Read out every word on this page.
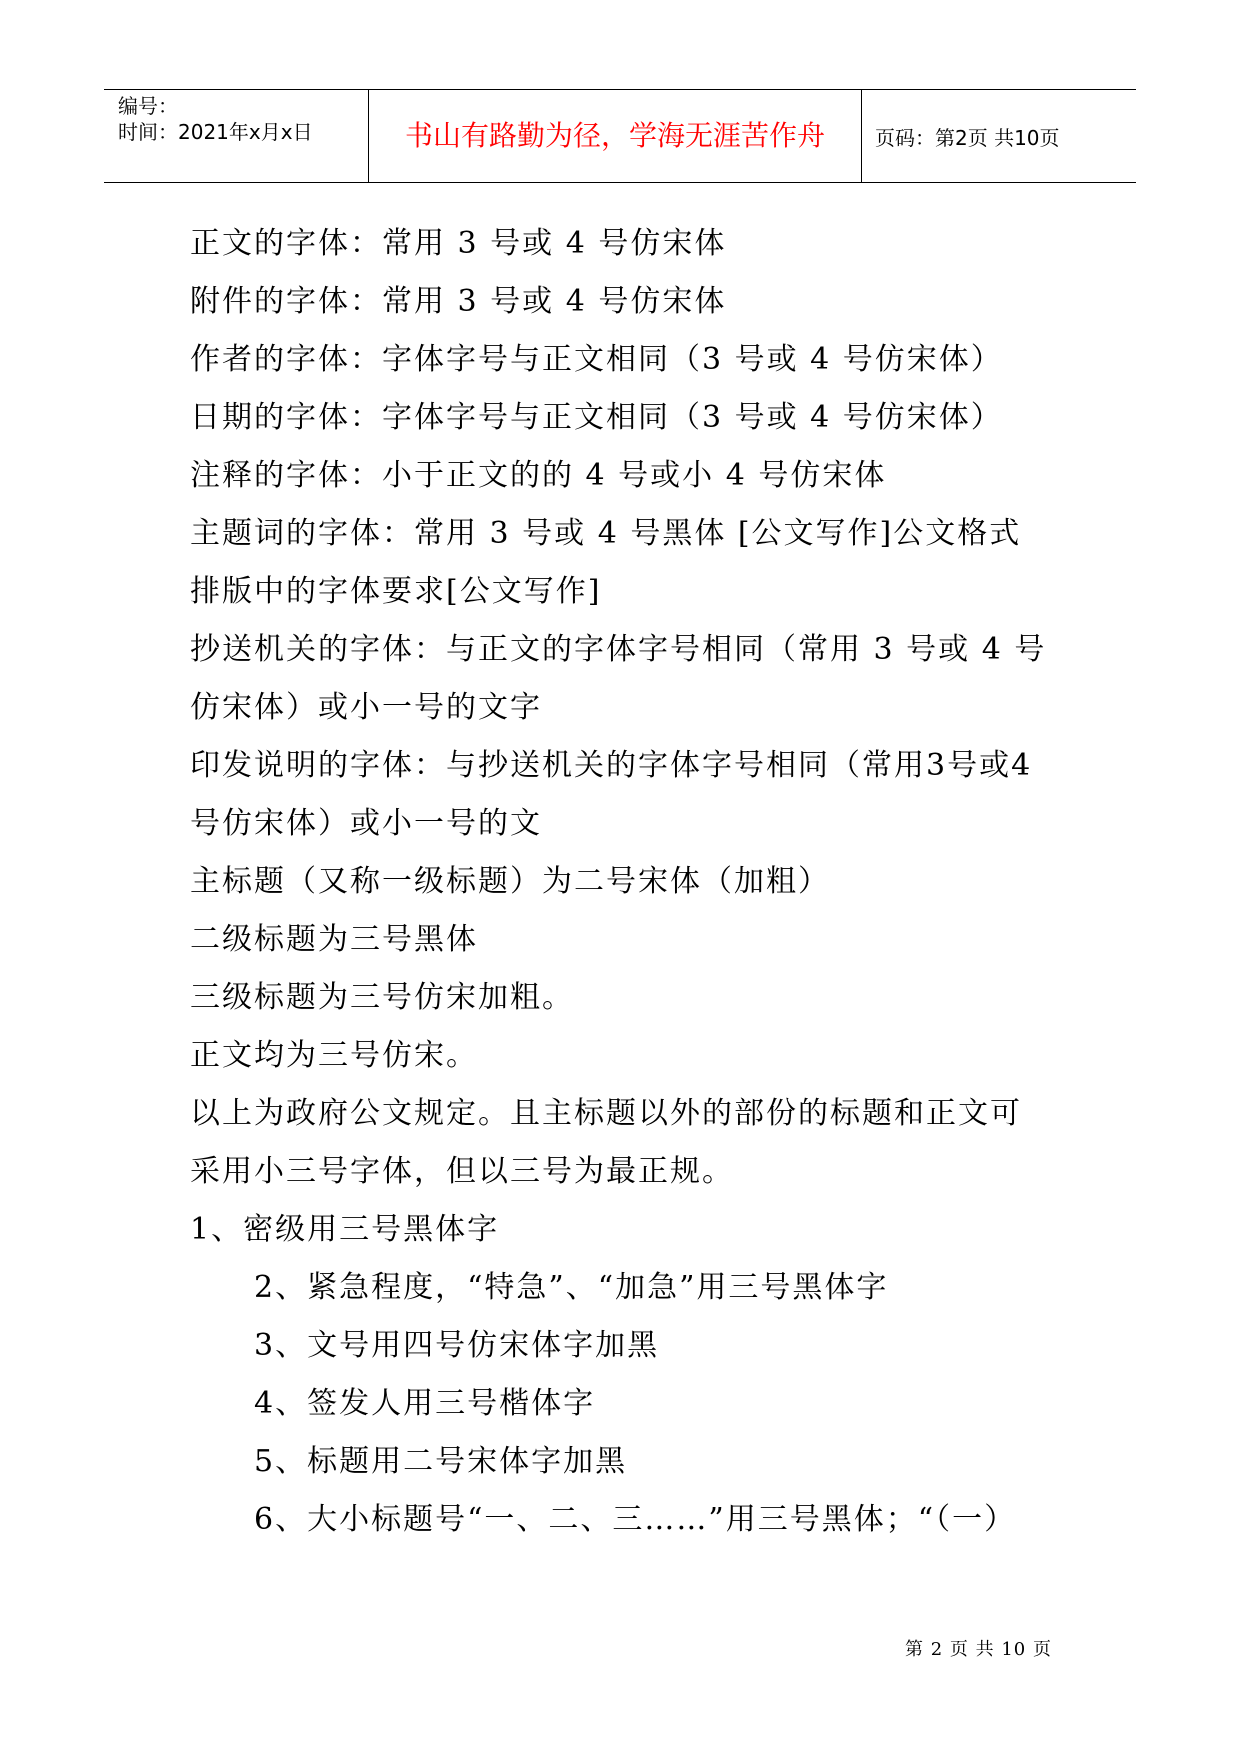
编号：
时间：2021年x月x日	书山有路勤为径，学海无涯苦作舟	页码：第2页 共10页
正文的字体：常用 3 号或 4 号仿宋体
附件的字体：常用 3 号或 4 号仿宋体
作者的字体：字体字号与正文相同（3 号或 4 号仿宋体）
日期的字体：字体字号与正文相同（3 号或 4 号仿宋体）
注释的字体：小于正文的的 4 号或小 4 号仿宋体
主题词的字体：常用 3 号或 4 号黑体 [公文写作]公文格式
排版中的字体要求[公文写作]
抄送机关的字体：与正文的字体字号相同（常用 3 号或 4 号
仿宋体）或小一号的文字
印发说明的字体：与抄送机关的字体字号相同（常用3号或4
号仿宋体）或小一号的文
主标题（又称一级标题）为二号宋体（加粗）
二级标题为三号黑体
三级标题为三号仿宋加粗。
正文均为三号仿宋。
以上为政府公文规定。且主标题以外的部份的标题和正文可
采用小三号字体，但以三号为最正规。
1、密级用三号黑体字
2、紧急程度，“特急”、“加急”用三号黑体字
3、文号用四号仿宋体字加黑
4、签发人用三号楷体字
5、标题用二号宋体字加黑
6、大小标题号“一、二、三……”用三号黑体；“（一）
第 2 页 共 10 页
